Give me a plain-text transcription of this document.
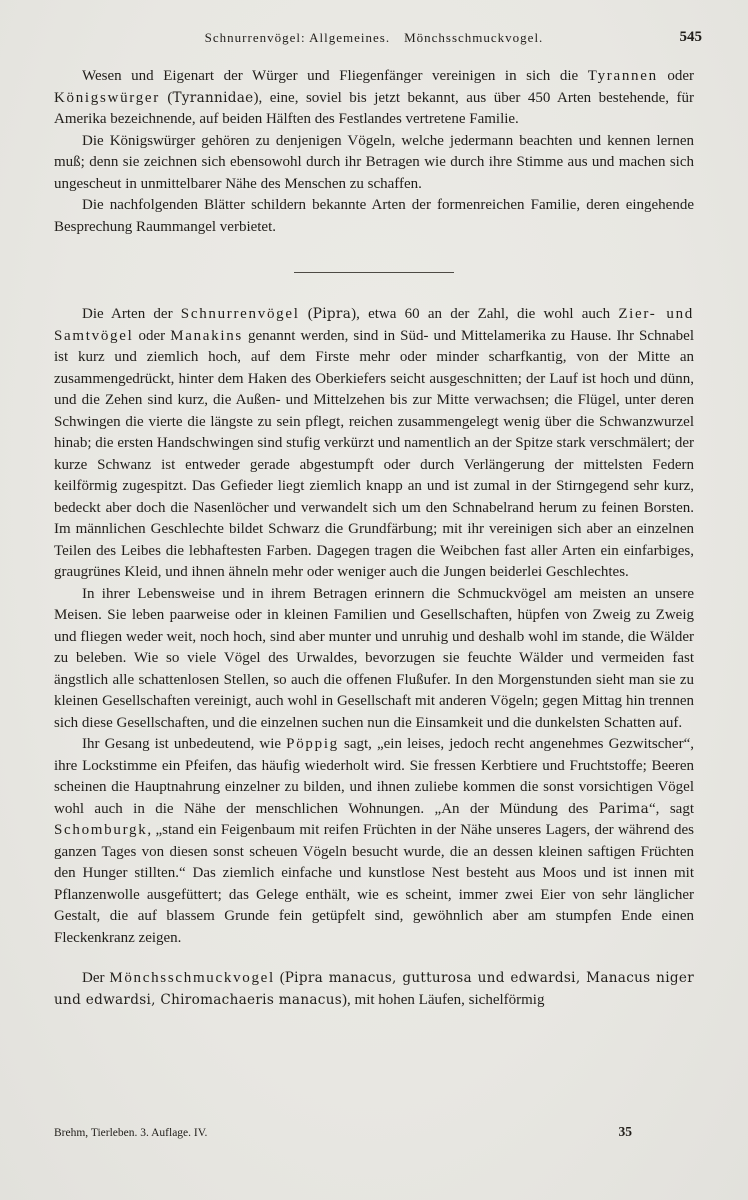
Schnurrenvögel: Allgemeines. Mönchsschmuckvogel.	545

Wesen und Eigenart der Würger und Fliegenfänger vereinigen in sich die Tyrannen oder Königswürger (Tyrannidae), eine, soviel bis jetzt bekannt, aus über 450 Arten bestehende, für Amerika bezeichnende, auf beiden Hälften des Festlandes vertretene Familie.

Die Königswürger gehören zu denjenigen Vögeln, welche jedermann beachten und kennen lernen muß; denn sie zeichnen sich ebensowohl durch ihr Betragen wie durch ihre Stimme aus und machen sich ungescheut in unmittelbarer Nähe des Menschen zu schaffen.

Die nachfolgenden Blätter schildern bekannte Arten der formenreichen Familie, deren eingehende Besprechung Raummangel verbietet.

Die Arten der Schnurrenvögel (Pipra), etwa 60 an der Zahl, die wohl auch Zier- und Samtvögel oder Manakins genannt werden, sind in Süd- und Mittelamerika zu Hause. Ihr Schnabel ist kurz und ziemlich hoch, auf dem Firste mehr oder minder scharfkantig, von der Mitte an zusammengedrückt, hinter dem Haken des Oberkiefers seicht ausgeschnitten; der Lauf ist hoch und dünn, und die Zehen sind kurz, die Außen- und Mittelzehen bis zur Mitte verwachsen; die Flügel, unter deren Schwingen die vierte die längste zu sein pflegt, reichen zusammengelegt wenig über die Schwanzwurzel hinab; die ersten Handschwingen sind stufig verkürzt und namentlich an der Spitze stark verschmälert; der kurze Schwanz ist entweder gerade abgestumpft oder durch Verlängerung der mittelsten Federn keilförmig zugespitzt. Das Gefieder liegt ziemlich knapp an und ist zumal in der Stirngegend sehr kurz, bedeckt aber doch die Nasenlöcher und verwandelt sich um den Schnabelrand herum zu feinen Borsten. Im männlichen Geschlechte bildet Schwarz die Grundfärbung; mit ihr vereinigen sich aber an einzelnen Teilen des Leibes die lebhaftesten Farben. Dagegen tragen die Weibchen fast aller Arten ein einfarbiges, graugrünes Kleid, und ihnen ähneln mehr oder weniger auch die Jungen beiderlei Geschlechtes.

In ihrer Lebensweise und in ihrem Betragen erinnern die Schmuckvögel am meisten an unsere Meisen. Sie leben paarweise oder in kleinen Familien und Gesellschaften, hüpfen von Zweig zu Zweig und fliegen weder weit, noch hoch, sind aber munter und unruhig und deshalb wohl im stande, die Wälder zu beleben. Wie so viele Vögel des Urwaldes, bevorzugen sie feuchte Wälder und vermeiden fast ängstlich alle schattenlosen Stellen, so auch die offenen Flußufer. In den Morgenstunden sieht man sie zu kleinen Gesellschaften vereinigt, auch wohl in Gesellschaft mit anderen Vögeln; gegen Mittag hin trennen sich diese Gesellschaften, und die einzelnen suchen nun die Einsamkeit und die dunkelsten Schatten auf.

Ihr Gesang ist unbedeutend, wie Pöppig sagt, „ein leises, jedoch recht angenehmes Gezwitscher“, ihre Lockstimme ein Pfeifen, das häufig wiederholt wird. Sie fressen Kerbtiere und Fruchtstoffe; Beeren scheinen die Hauptnahrung einzelner zu bilden, und ihnen zuliebe kommen die sonst vorsichtigen Vögel wohl auch in die Nähe der menschlichen Wohnungen. „An der Mündung des Parima“, sagt Schomburgk, „stand ein Feigenbaum mit reifen Früchten in der Nähe unseres Lagers, der während des ganzen Tages von diesen sonst scheuen Vögeln besucht wurde, die an dessen kleinen saftigen Früchten den Hunger stillten.“ Das ziemlich einfache und kunstlose Nest besteht aus Moos und ist innen mit Pflanzenwolle ausgefüttert; das Gelege enthält, wie es scheint, immer zwei Eier von sehr länglicher Gestalt, die auf blassem Grunde fein getüpfelt sind, gewöhnlich aber am stumpfen Ende einen Fleckenkranz zeigen.

Der Mönchsschmuckvogel (Pipra manacus, gutturosa und edwardsi, Manacus niger und edwardsi, Chiromachaeris manacus), mit hohen Läufen, sichelförmig

Brehm, Tierleben. 3. Auflage. IV.	35
